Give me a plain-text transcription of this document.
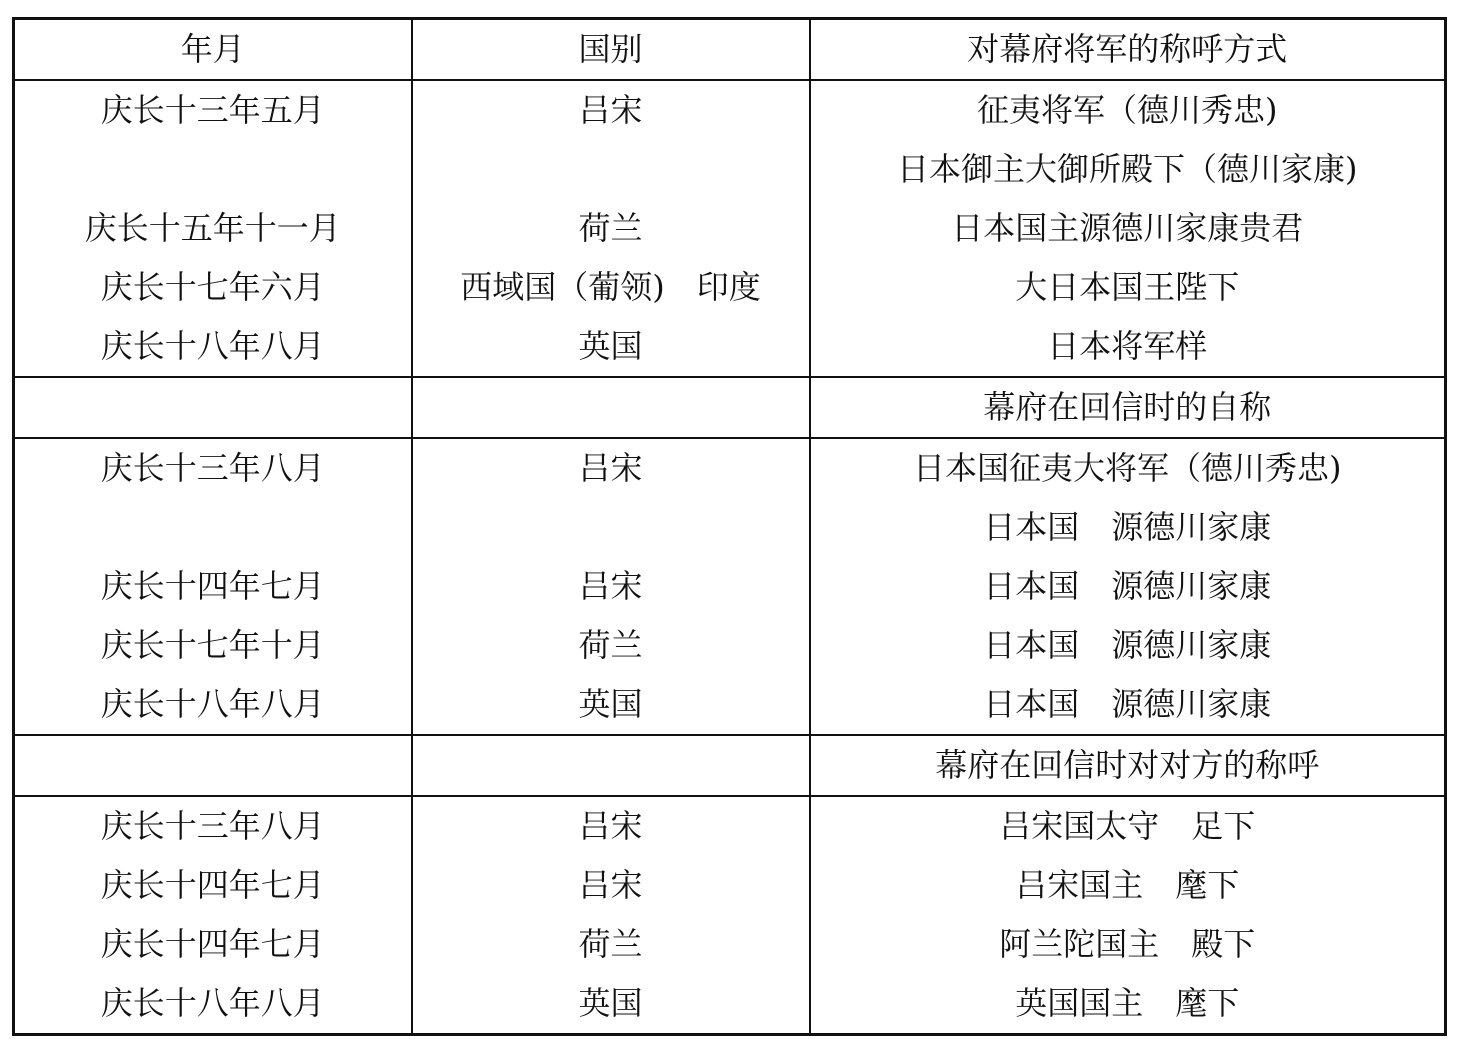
年月	国别	对幕府将军的称呼方式
庆长十三年五月	吕宋	征夷将军（德川秀忠)
		日本御主大御所殿下（德川家康)
庆长十五年十一月	荷兰	日本国主源德川家康贵君
庆长十七年六月	西域国（葡领)　印度	大日本国王陛下
庆长十八年八月	英国	日本将军样
		幕府在回信时的自称
庆长十三年八月	吕宋	日本国征夷大将军（德川秀忠)
		日本国　源德川家康
庆长十四年七月	吕宋	日本国　源德川家康
庆长十七年十月	荷兰	日本国　源德川家康
庆长十八年八月	英国	日本国　源德川家康
		幕府在回信时对对方的称呼
庆长十三年八月	吕宋	吕宋国太守　足下
庆长十四年七月	吕宋	吕宋国主　麾下
庆长十四年七月	荷兰	阿兰陀国主　殿下
庆长十八年八月	英国	英国国主　麾下
